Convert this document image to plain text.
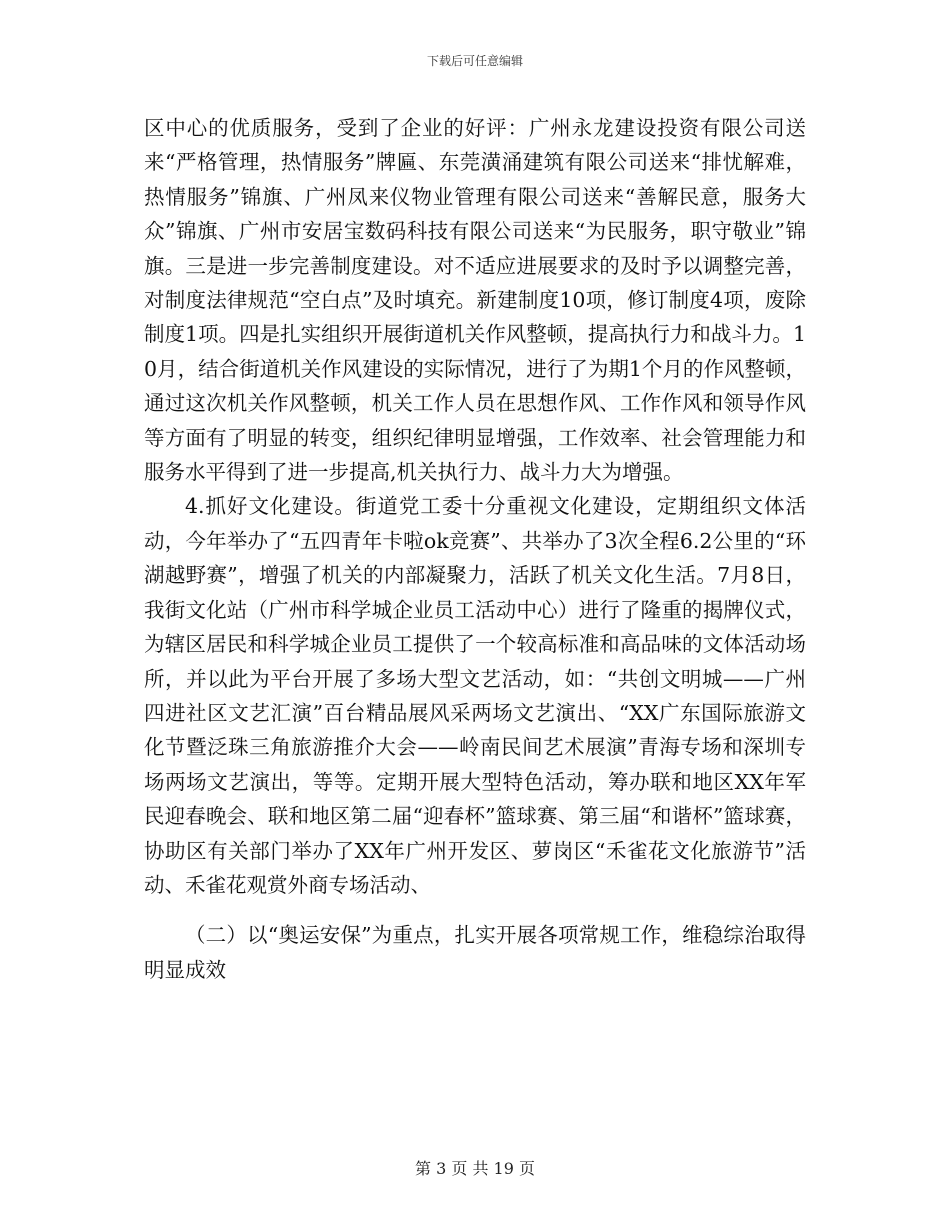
下载后可任意编辑

区中心的优质服务，受到了企业的好评：广州永龙建设投资有限公司送来“严格管理，热情服务”牌匾、东莞潢涌建筑有限公司送来“排忧解难，热情服务”锦旗、广州凤来仪物业管理有限公司送来“善解民意，服务大众”锦旗、广州市安居宝数码科技有限公司送来“为民服务，职守敬业”锦旗。三是进一步完善制度建设。对不适应进展要求的及时予以调整完善，对制度法律规范“空白点”及时填充。新建制度10项，修订制度4项，废除制度1项。四是扎实组织开展街道机关作风整顿，提高执行力和战斗力。10月，结合街道机关作风建设的实际情况，进行了为期1个月的作风整顿，通过这次机关作风整顿，机关工作人员在思想作风、工作作风和领导作风等方面有了明显的转变，组织纪律明显增强，工作效率、社会管理能力和服务水平得到了进一步提高,机关执行力、战斗力大为增强。

4.抓好文化建设。街道党工委十分重视文化建设，定期组织文体活动，今年举办了“五四青年卡啦ok竞赛”、共举办了3次全程6.2公里的“环湖越野赛”，增强了机关的内部凝聚力，活跃了机关文化生活。7月8日，我街文化站（广州市科学城企业员工活动中心）进行了隆重的揭牌仪式，为辖区居民和科学城企业员工提供了一个较高标准和高品味的文体活动场所，并以此为平台开展了多场大型文艺活动，如：“共创文明城——广州四进社区文艺汇演”百台精品展风采两场文艺演出、“XX广东国际旅游文化节暨泛珠三角旅游推介大会——岭南民间艺术展演”青海专场和深圳专场两场文艺演出，等等。定期开展大型特色活动，筹办联和地区XX年军民迎春晚会、联和地区第二届“迎春杯”篮球赛、第三届“和谐杯”篮球赛，协助区有关部门举办了XX年广州开发区、萝岗区“禾雀花文化旅游节”活动、禾雀花观赏外商专场活动、

（二）以“奥运安保”为重点，扎实开展各项常规工作，维稳综治取得明显成效

第 3 页 共 19 页
